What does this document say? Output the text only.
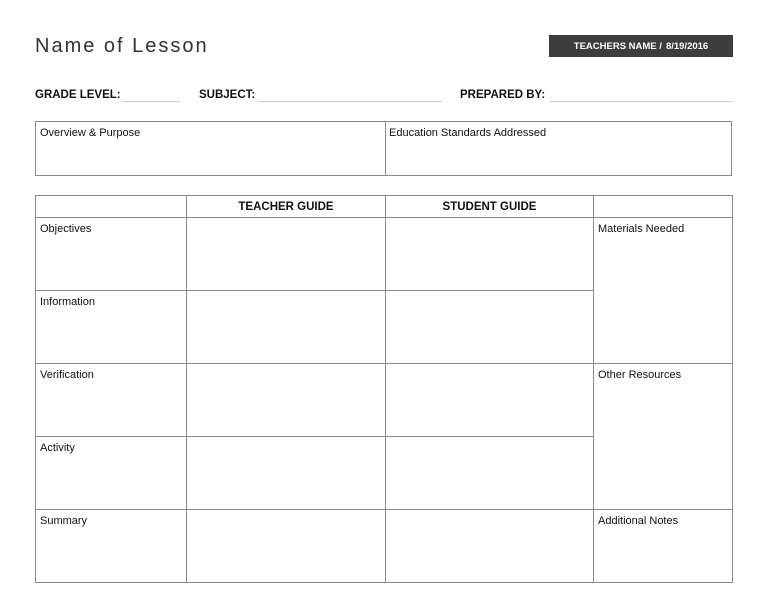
Name of Lesson	TEACHERS NAME / 8/19/2016
GRADE LEVEL:	SUBJECT:	PREPARED BY:
Overview & Purpose	Education Standards Addressed
	TEACHER GUIDE	STUDENT GUIDE	
Objectives			Materials Needed
Information			
Verification			Other Resources
Activity			
Summary			Additional Notes
